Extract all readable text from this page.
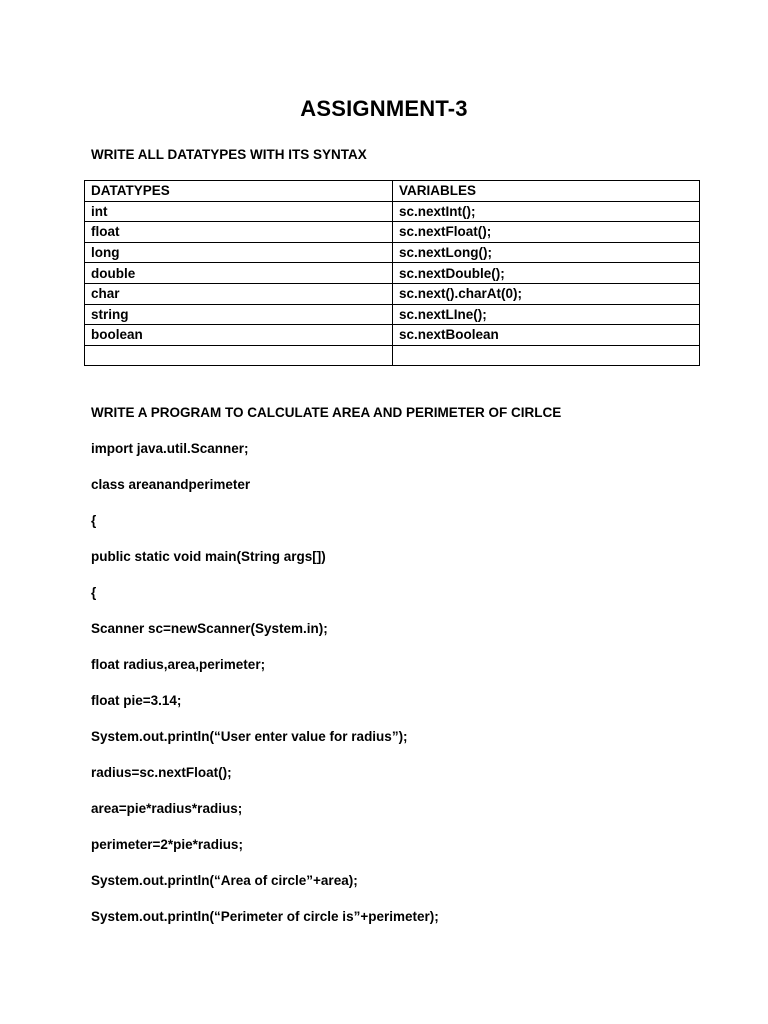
ASSIGNMENT-3
WRITE ALL DATATYPES WITH ITS SYNTAX
DATATYPES	VARIABLES
int	sc.nextInt();
float	sc.nextFloat();
long	sc.nextLong();
double	sc.nextDouble();
char	sc.next().charAt(0);
string	sc.nextLIne();
boolean	sc.nextBoolean

WRITE A PROGRAM TO CALCULATE AREA AND PERIMETER OF CIRLCE
import java.util.Scanner;
class areanandperimeter
{
public static void main(String args[])
{
Scanner sc=newScanner(System.in);
float radius,area,perimeter;
float pie=3.14;
System.out.println(“User enter value for radius”);
radius=sc.nextFloat();
area=pie*radius*radius;
perimeter=2*pie*radius;
System.out.println(“Area of circle”+area);
System.out.println(“Perimeter of circle is”+perimeter);
